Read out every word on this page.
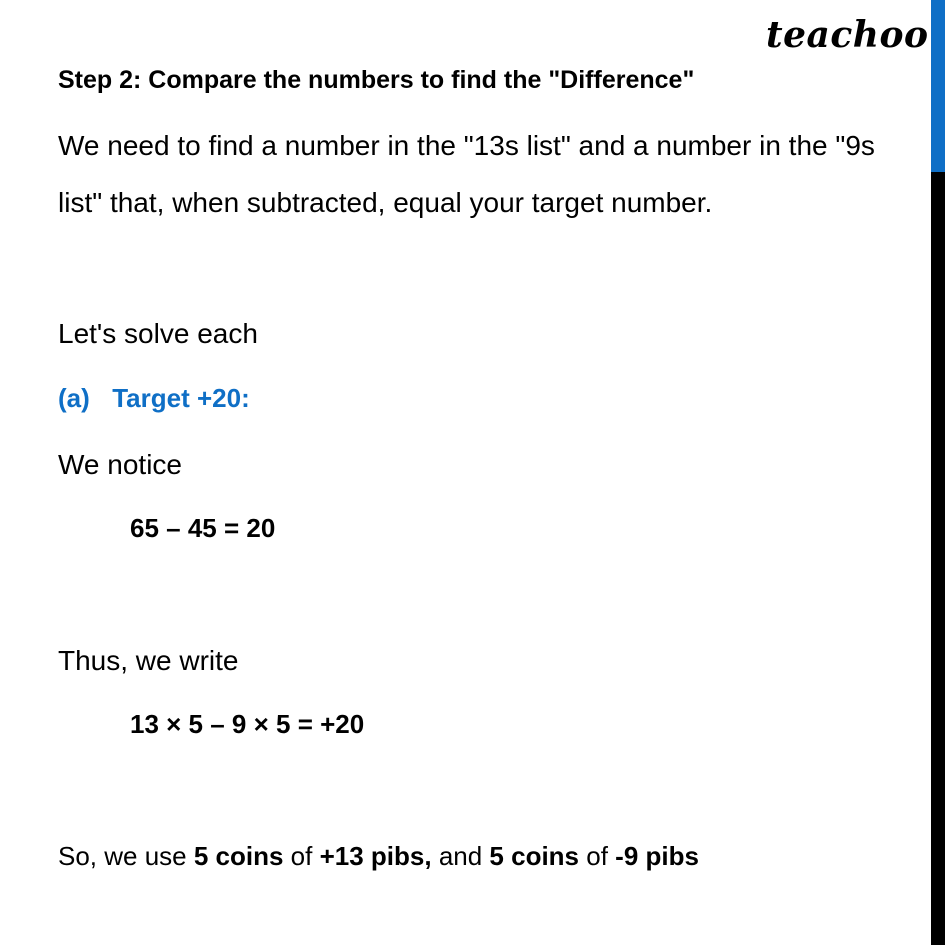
teachoo
Step 2: Compare the numbers to find the "Difference"
We need to find a number in the "13s list" and a number in the "9s
list" that, when subtracted, equal your target number.
Let's solve each
(a) Target +20:
We notice
65 – 45 = 20
Thus, we write
13 × 5 – 9 × 5 = +20
So, we use 5 coins of +13 pibs, and 5 coins of -9 pibs
